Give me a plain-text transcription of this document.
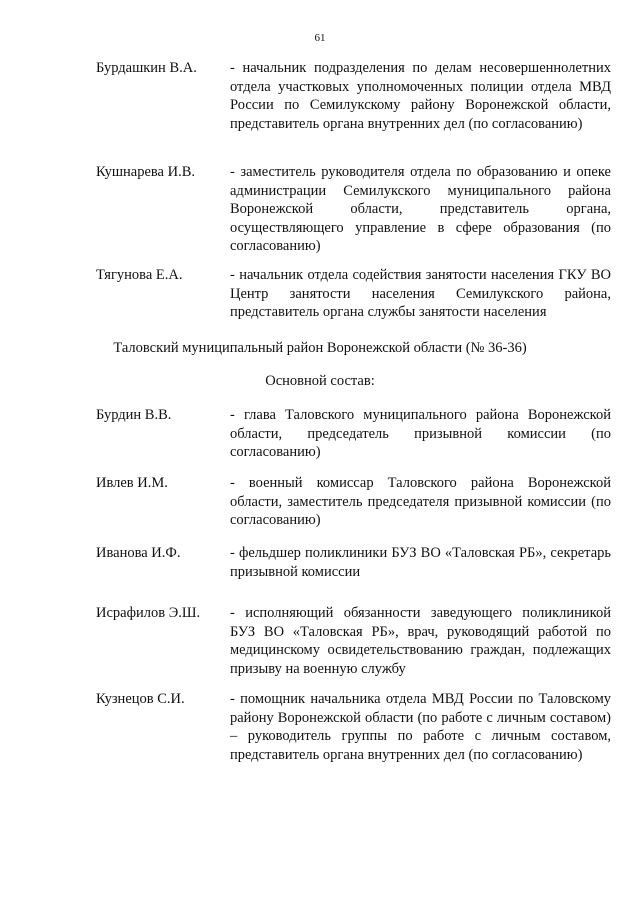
61
Бурдашкин В.А. - начальник подразделения по делам несовершеннолетних отдела участковых уполномоченных полиции отдела МВД России по Семилукскому району Воронежской области, представитель органа внутренних дел (по согласованию)

Кушнарева И.В. - заместитель руководителя отдела по образованию и опеке администрации Семилукского муниципального района Воронежской области, представитель органа, осуществляющего управление в сфере образования (по согласованию)

Тягунова Е.А.	- начальник отдела содействия занятости населения ГКУ ВО Центр занятости населения Семилукского района, представитель органа службы занятости населения

Таловский муниципальный район Воронежской области (№ 36-36)
Основной состав:
Бурдин В.В.	- глава Таловского муниципального района Воронежской области, председатель призывной комиссии (по согласованию)

Ивлев И.М.	- военный комиссар Таловского района Воронежской области, заместитель председателя призывной комиссии (по согласованию)

Иванова И.Ф.	- фельдшер поликлиники БУЗ ВО «Таловская РБ», секретарь призывной комиссии

Исрафилов Э.Ш. - исполняющий обязанности заведующего поликлиникой БУЗ ВО «Таловская РБ», врач, руководящий работой по медицинскому освидетельствованию граждан, подлежащих призыву на военную службу

Кузнецов С.И.	- помощник начальника отдела МВД России по Таловскому району Воронежской области (по работе с личным составом) – руководитель группы по работе с личным составом, представитель органа внутренних дел (по согласованию)
